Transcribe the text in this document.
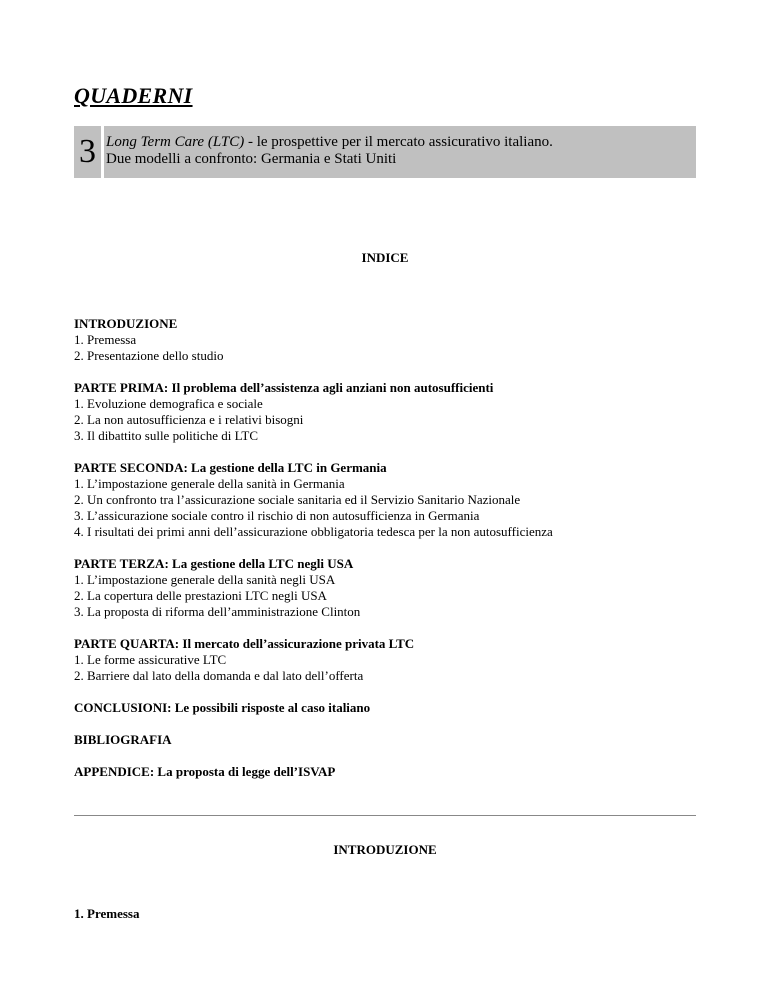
QUADERNI
3 Long Term Care (LTC) - le prospettive per il mercato assicurativo italiano.
Due modelli a confronto: Germania e Stati Uniti
INDICE
INTRODUZIONE
1. Premessa
2. Presentazione dello studio
PARTE PRIMA: Il problema dell’assistenza agli anziani non autosufficienti
1. Evoluzione demografica e sociale
2. La non autosufficienza e i relativi bisogni
3. Il dibattito sulle politiche di LTC
PARTE SECONDA: La gestione della LTC in Germania
1. L’impostazione generale della sanità in Germania
2. Un confronto tra l’assicurazione sociale sanitaria ed il Servizio Sanitario Nazionale
3. L’assicurazione sociale contro il rischio di non autosufficienza in Germania
4. I risultati dei primi anni dell’assicurazione obbligatoria tedesca per la non autosufficienza
PARTE TERZA: La gestione della LTC negli USA
1. L’impostazione generale della sanità negli USA
2. La copertura delle prestazioni LTC negli USA
3. La proposta di riforma dell’amministrazione Clinton
PARTE QUARTA: Il mercato dell’assicurazione privata LTC
1. Le forme assicurative LTC
2. Barriere dal lato della domanda e dal lato dell’offerta
CONCLUSIONI: Le possibili risposte al caso italiano
BIBLIOGRAFIA
APPENDICE: La proposta di legge dell’ISVAP
INTRODUZIONE
1. Premessa
